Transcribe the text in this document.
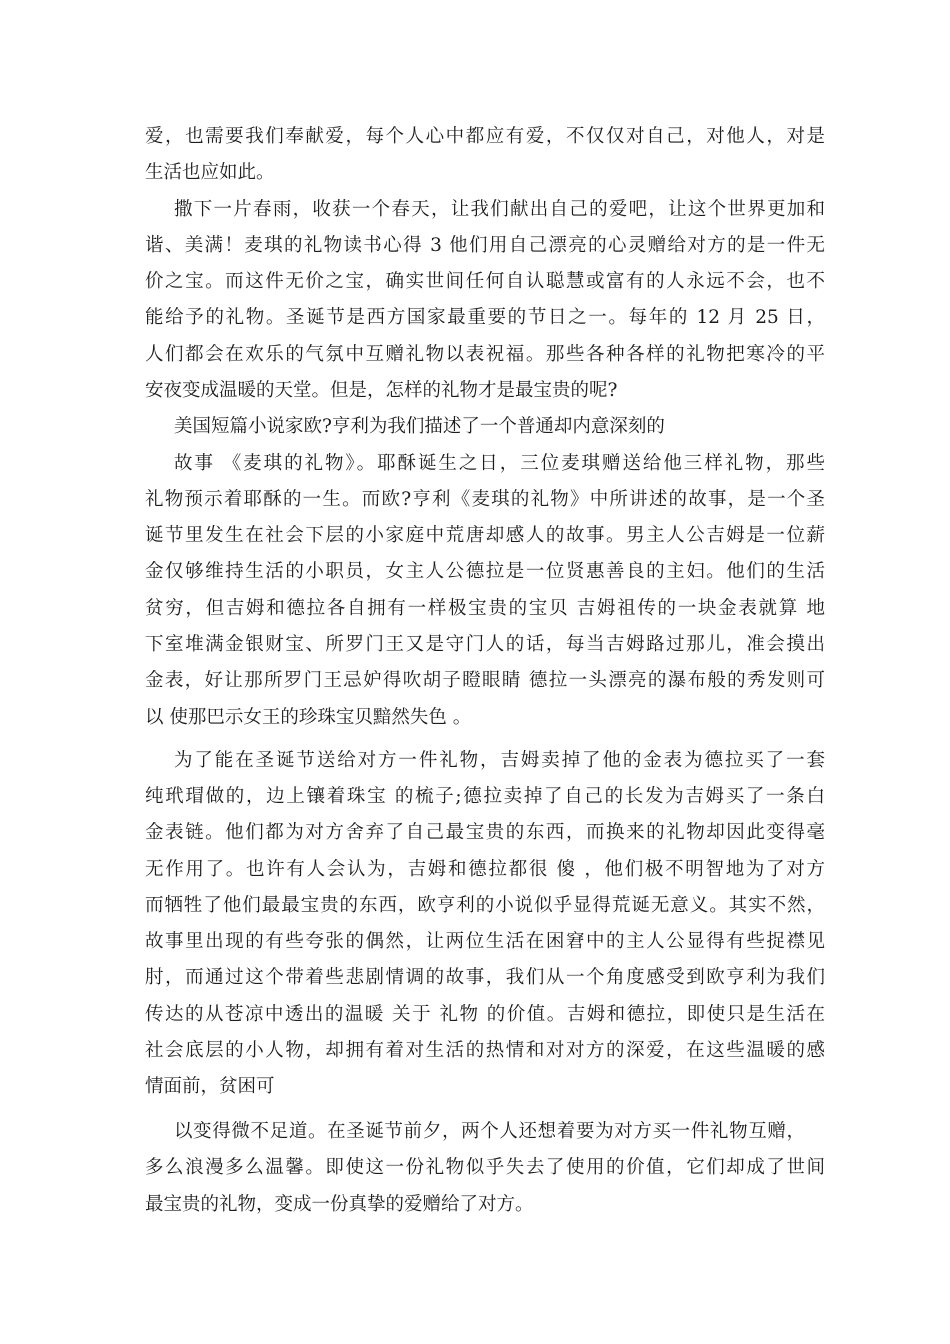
爱，也需要我们奉献爱，每个人心中都应有爱，不仅仅对自己，对他人，对是

生活也应如此。

撒下一片春雨，收获一个春天，让我们献出自己的爱吧，让这个世界更加和

谐、美满！麦琪的礼物读书心得 3 他们用自己漂亮的心灵赠给对方的是一件无

价之宝。而这件无价之宝，确实世间任何自认聪慧或富有的人永远不会，也不

能给予的礼物。圣诞节是西方国家最重要的节日之一。每年的 12 月 25 日，

人们都会在欢乐的气氛中互赠礼物以表祝福。那些各种各样的礼物把寒冷的平

安夜变成温暖的天堂。但是，怎样的礼物才是最宝贵的呢?

美国短篇小说家欧?亨利为我们描述了一个普通却内意深刻的

故事 《麦琪的礼物》。耶酥诞生之日，三位麦琪赠送给他三样礼物，那些

礼物预示着耶酥的一生。而欧?亨利《麦琪的礼物》中所讲述的故事，是一个圣

诞节里发生在社会下层的小家庭中荒唐却感人的故事。男主人公吉姆是一位薪

金仅够维持生活的小职员，女主人公德拉是一位贤惠善良的主妇。他们的生活

贫穷，但吉姆和德拉各自拥有一样极宝贵的宝贝 吉姆祖传的一块金表就算 地

下室堆满金银财宝、所罗门王又是守门人的话，每当吉姆路过那儿，准会摸出

金表，好让那所罗门王忌妒得吹胡子瞪眼睛 德拉一头漂亮的瀑布般的秀发则可

以 使那巴示女王的珍珠宝贝黯然失色 。

为了能在圣诞节送给对方一件礼物，吉姆卖掉了他的金表为德拉买了一套

纯玳瑁做的，边上镶着珠宝 的梳子;德拉卖掉了自己的长发为吉姆买了一条白

金表链。他们都为对方舍弃了自己最宝贵的东西，而换来的礼物却因此变得毫

无作用了。也许有人会认为，吉姆和德拉都很 傻 ，他们极不明智地为了对方

而牺牲了他们最最宝贵的东西，欧亨利的小说似乎显得荒诞无意义。其实不然，

故事里出现的有些夸张的偶然，让两位生活在困窘中的主人公显得有些捉襟见

肘，而通过这个带着些悲剧情调的故事，我们从一个角度感受到欧亨利为我们

传达的从苍凉中透出的温暖 关于 礼物 的价值。吉姆和德拉，即使只是生活在

社会底层的小人物，却拥有着对生活的热情和对对方的深爱，在这些温暖的感

情面前，贫困可

以变得微不足道。在圣诞节前夕，两个人还想着要为对方买一件礼物互赠，

多么浪漫多么温馨。即使这一份礼物似乎失去了使用的价值，它们却成了世间

最宝贵的礼物，变成一份真挚的爱赠给了对方。
